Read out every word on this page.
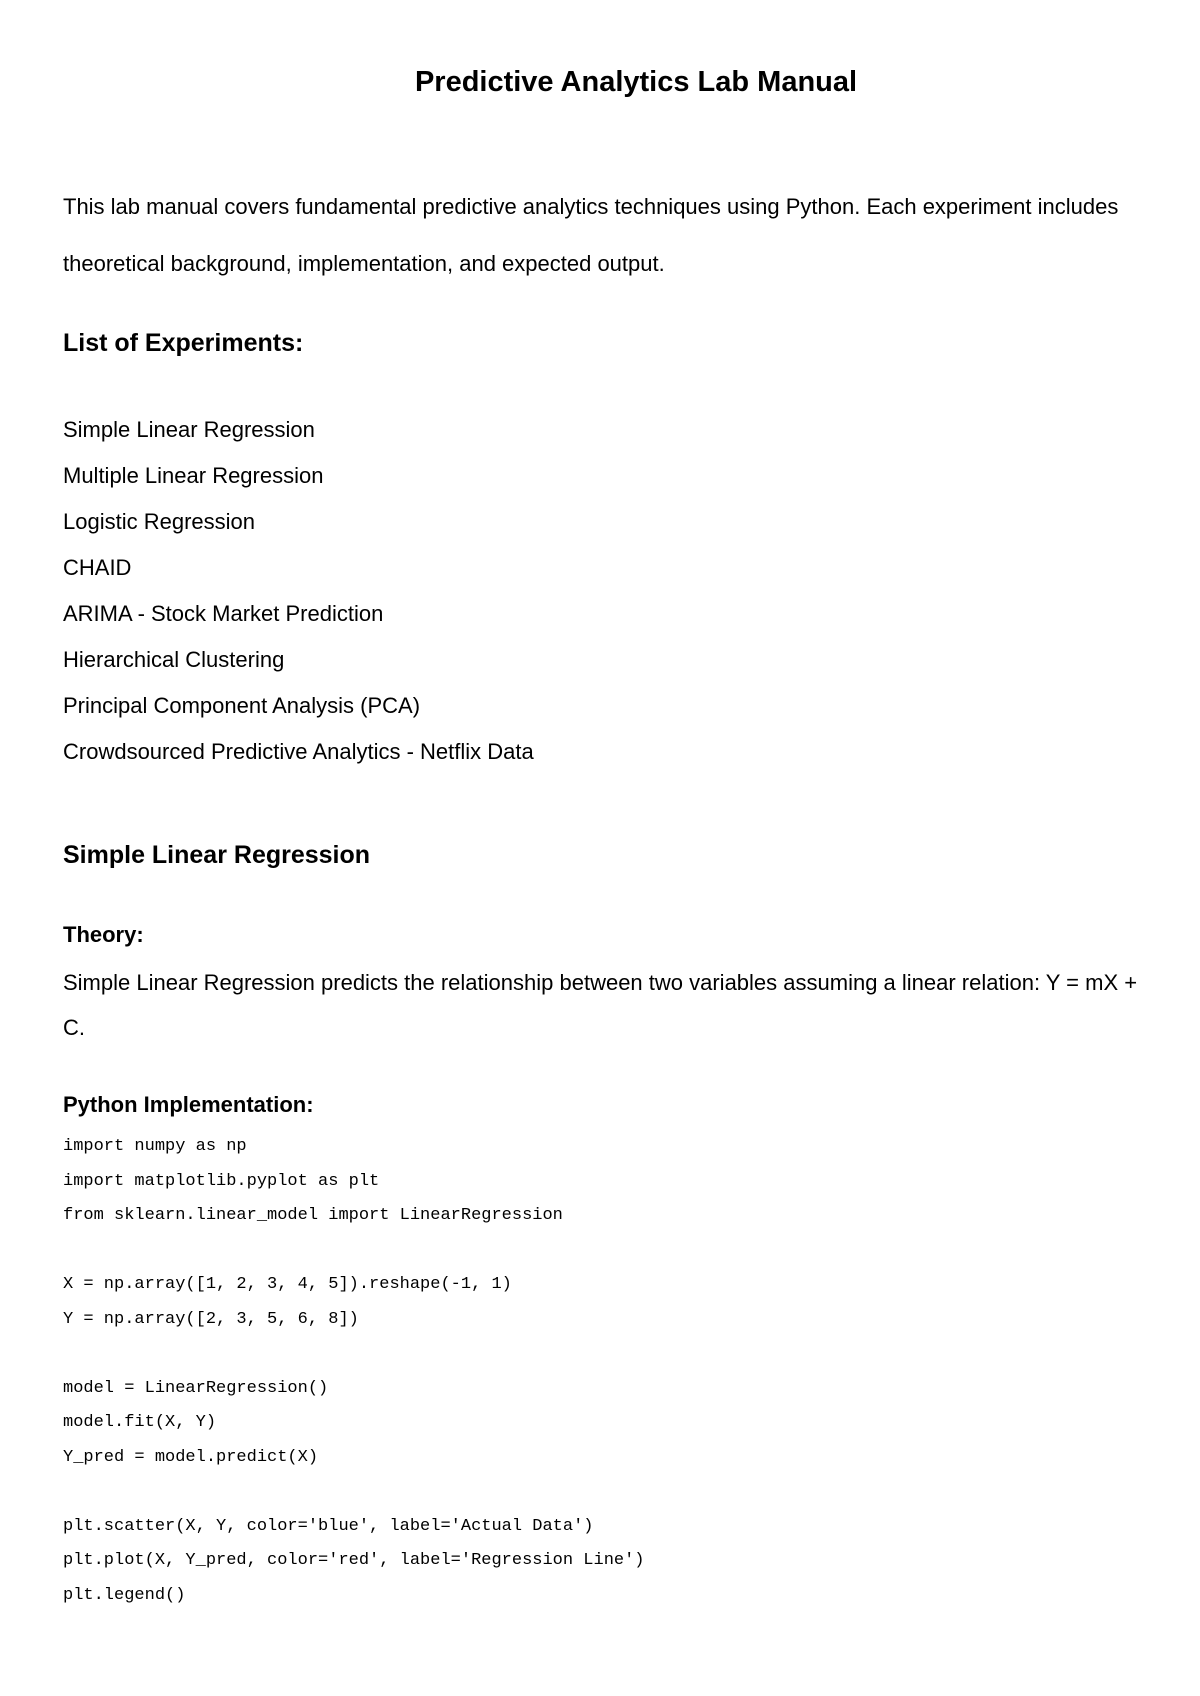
Predictive Analytics Lab Manual

This lab manual covers fundamental predictive analytics techniques using Python. Each experiment includes theoretical background, implementation, and expected output.

List of Experiments:
Simple Linear Regression
Multiple Linear Regression
Logistic Regression
CHAID
ARIMA - Stock Market Prediction
Hierarchical Clustering
Principal Component Analysis (PCA)
Crowdsourced Predictive Analytics - Netflix Data
Simple Linear Regression
Theory:

Simple Linear Regression predicts the relationship between two variables assuming a linear relation: Y = mX + C.

Python Implementation:
import numpy as np
import matplotlib.pyplot as plt
from sklearn.linear_model import LinearRegression
X = np.array([1, 2, 3, 4, 5]).reshape(-1, 1)
Y = np.array([2, 3, 5, 6, 8])
model = LinearRegression()
model.fit(X, Y)
Y_pred = model.predict(X)
plt.scatter(X, Y, color='blue', label='Actual Data')
plt.plot(X, Y_pred, color='red', label='Regression Line')
plt.legend()
